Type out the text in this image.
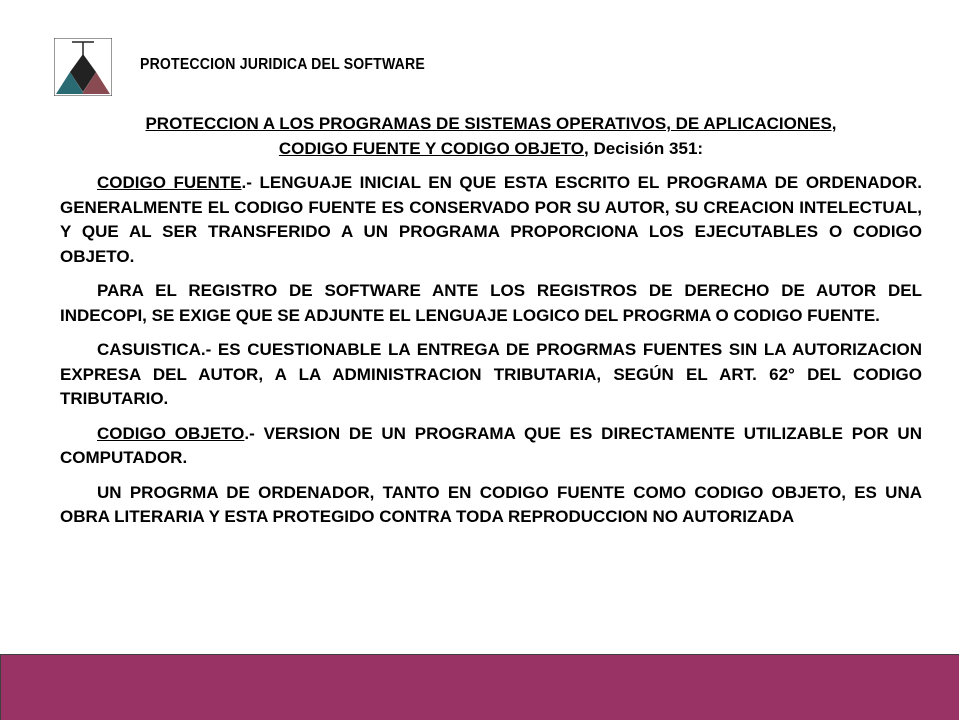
PROTECCION JURIDICA DEL SOFTWARE

PROTECCION A LOS PROGRAMAS DE SISTEMAS OPERATIVOS, DE APLICACIONES,
CODIGO FUENTE Y CODIGO OBJETO, Decisión 351:

CODIGO FUENTE.- LENGUAJE INICIAL EN QUE ESTA ESCRITO EL PROGRAMA DE ORDENADOR. GENERALMENTE EL CODIGO FUENTE ES CONSERVADO POR SU AUTOR, SU CREACION INTELECTUAL, Y QUE AL SER TRANSFERIDO A UN PROGRAMA PROPORCIONA LOS EJECUTABLES O CODIGO OBJETO.

PARA EL REGISTRO DE SOFTWARE ANTE LOS REGISTROS DE DERECHO DE AUTOR DEL INDECOPI, SE EXIGE QUE SE ADJUNTE EL LENGUAJE LOGICO DEL PROGRMA O CODIGO FUENTE.

CASUISTICA.- ES CUESTIONABLE LA ENTREGA DE PROGRMAS FUENTES SIN LA AUTORIZACION EXPRESA DEL AUTOR, A LA ADMINISTRACION TRIBUTARIA, SEGÚN EL ART. 62° DEL CODIGO TRIBUTARIO.

CODIGO OBJETO.- VERSION DE UN PROGRAMA QUE ES DIRECTAMENTE UTILIZABLE POR UN COMPUTADOR.

UN PROGRMA DE ORDENADOR, TANTO EN CODIGO FUENTE COMO CODIGO OBJETO, ES UNA OBRA LITERARIA Y ESTA PROTEGIDO CONTRA TODA REPRODUCCION NO AUTORIZADA
